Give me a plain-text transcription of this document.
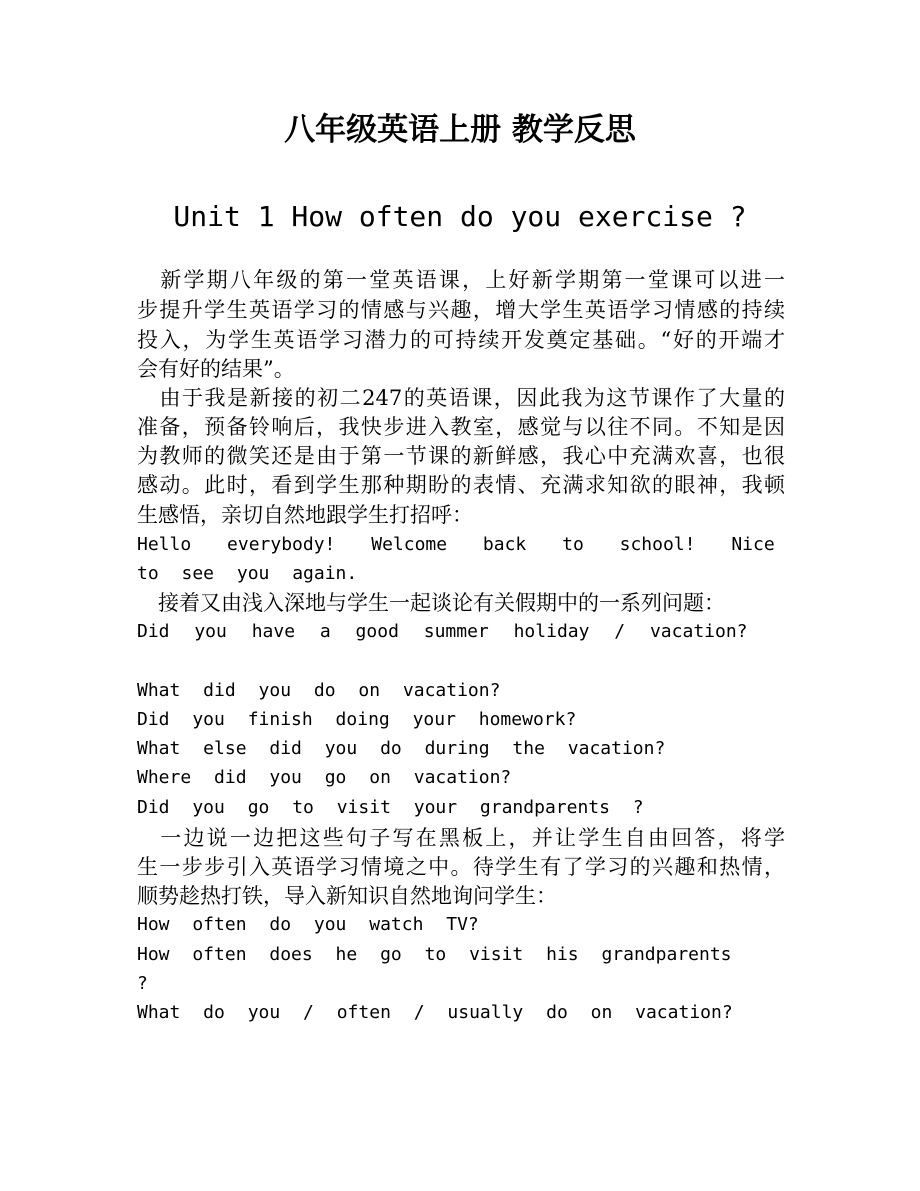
八年级英语上册 教学反思
Unit 1 How often do you exercise ?
　新学期八年级的第一堂英语课，上好新学期第一堂课可以进一
步提升学生英语学习的情感与兴趣，增大学生英语学习情感的持续
投入，为学生英语学习潜力的可持续开发奠定基础。“好的开端才
会有好的结果”。
　由于我是新接的初二247的英语课，因此我为这节课作了大量的
准备，预备铃响后，我快步进入教室，感觉与以往不同。不知是因
为教师的微笑还是由于第一节课的新鲜感，我心中充满欢喜，也很
感动。此时，看到学生那种期盼的表情、充满求知欲的眼神，我顿
生感悟，亲切自然地跟学生打招呼：
Hello everybody! Welcome back to school! Nice
to see you again.
　接着又由浅入深地与学生一起谈论有关假期中的一系列问题：
Did you have a good summer holiday / vacation?
What did you do on vacation?
Did you finish doing your homework?
What else did you do during the vacation?
Where did you go on vacation?
Did you go to visit your grandparents ?
　一边说一边把这些句子写在黑板上，并让学生自由回答，将学
生一步步引入英语学习情境之中。待学生有了学习的兴趣和热情，
顺势趁热打铁，导入新知识自然地询问学生：
How often do you watch TV?
How often does he go to visit his grandparents
?
What do you / often / usually do on vacation?
